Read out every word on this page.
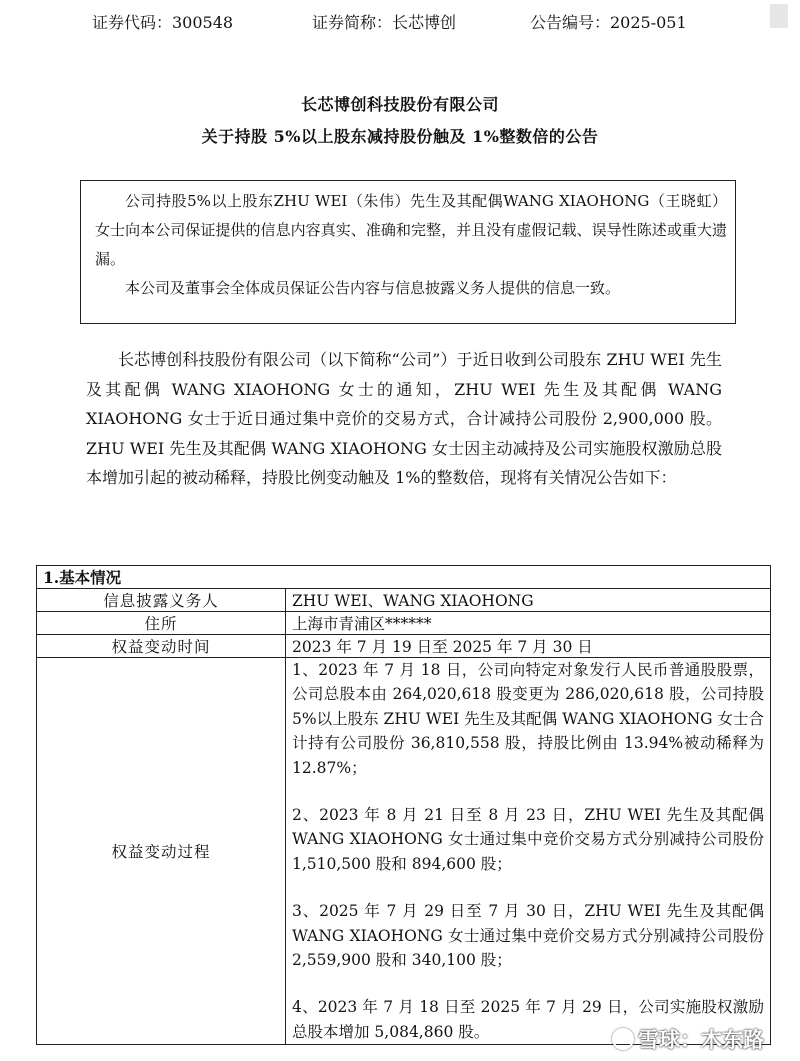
证券代码：300548	证券简称：长芯博创	公告编号：2025-051
长芯博创科技股份有限公司
关于持股 5%以上股东减持股份触及 1%整数倍的公告

公司持股5%以上股东ZHU WEI（朱伟）先生及其配偶WANG XIAOHONG（王晓虹）女士向本公司保证提供的信息内容真实、准确和完整，并且没有虚假记载、误导性陈述或重大遗漏。

本公司及董事会全体成员保证公告内容与信息披露义务人提供的信息一致。

长芯博创科技股份有限公司（以下简称“公司”）于近日收到公司股东 ZHU WEI 先生及其配偶 WANG XIAOHONG 女士的通知，ZHU WEI 先生及其配偶 WANG XIAOHONG 女士于近日通过集中竞价的交易方式，合计减持公司股份 2,900,000 股。ZHU WEI 先生及其配偶 WANG XIAOHONG 女士因主动减持及公司实施股权激励总股本增加引起的被动稀释，持股比例变动触及 1%的整数倍，现将有关情况公告如下：

1.基本情况	
信息披露义务人	ZHU WEI、WANG XIAOHONG
住所	上海市青浦区******
权益变动时间	2023 年 7 月 19 日至 2025 年 7 月 30 日
权益变动过程	1、2023 年 7 月 18 日，公司向特定对象发行人民币普通股股票，公司总股本由 264,020,618 股变更为 286,020,618 股，公司持股 5%以上股东 ZHU WEI 先生及其配偶 WANG XIAOHONG 女士合计持有公司股份 36,810,558 股，持股比例由 13.94%被动稀释为 12.87%；

2、2023 年 8 月 21 日至 8 月 23 日，ZHU WEI 先生及其配偶 WANG XIAOHONG 女士通过集中竞价交易方式分别减持公司股份 1,510,500 股和 894,600 股；

3、2025 年 7 月 29 日至 7 月 30 日，ZHU WEI 先生及其配偶 WANG XIAOHONG 女士通过集中竞价交易方式分别减持公司股份 2,559,900 股和 340,100 股；

4、2023 年 7 月 18 日至 2025 年 7 月 29 日，公司实施股权激励总股本增加 5,084,860 股。	雪球：木东路
